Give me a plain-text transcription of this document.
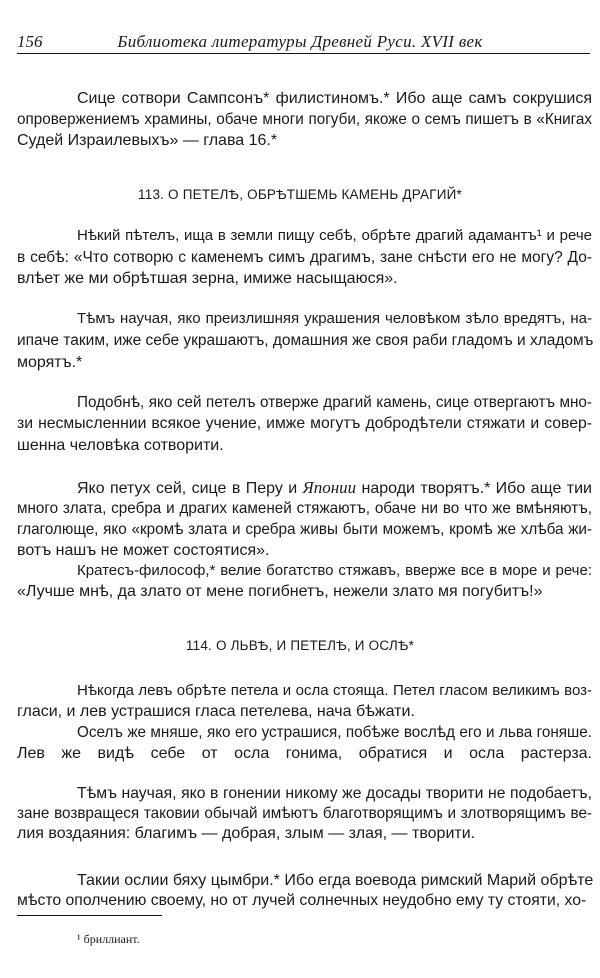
156	Библиотека литературы Древней Руси. XVII век
Сице сотвори Сампсонъ* филистиномъ.* Ибо аще самъ сокрушися
опровержениемъ храмины, обаче многи погуби, якоже о семъ пишетъ в «Книгах
Судей Израилевыхъ» — глава 16.*
113. О ПЕТЕЛѢ, ОБРѢТШЕМЬ КАМЕНЬ ДРАГИЙ*
Нѣкий пѣтелъ, ища в земли пищу себѣ, обрѣте драгий адамантъ¹ и рече
в себѣ: «Что сотворю с каменемъ симъ драгимъ, зане снѣсти его не могу? До-
влѣет же ми обрѣтшая зерна, имиже насыщаюся».
Тѣмъ научая, яко преизлишняя украшения человѣком зѣло вредятъ, на-
ипаче таким, иже себе украшаютъ, домашния же своя раби гладомъ и хладомъ
морятъ.*
Подобнѣ, яко сей петелъ отверже драгий камень, сице отвергаютъ мно-
зи несмысленнии всякое учение, имже могутъ добродѣтели стяжати и совер-
шенна человѣка сотворити.
Яко петух сей, сице в Перу и Японии народи творятъ.* Ибо аще тии
много злата, сребра и драгих каменей стяжаютъ, обаче ни во что же вмѣняютъ,
глаголюще, яко «кромѣ злата и сребра живы быти можемъ, кромѣ же хлѣба жи-
вотъ нашъ не может состоятися».
Кратесъ-философ,* велие богатство стяжавъ, вверже все в море и рече:
«Лучше мнѣ, да злато от мене погибнетъ, нежели злато мя погубитъ!»
114. О ЛЬВѢ, И ПЕТЕЛѢ, И ОСЛѢ*
Нѣкогда левъ обрѣте петела и осла стояща. Петел гласом великимъ воз-
гласи, и лев устрашися гласа петелева, нача бѣжати.
Оселъ же мняше, яко его устрашися, побѣже вослѣд его и льва гоняше.
Лев же видѣ себе от осла гонима, обратися и осла растерза.
Тѣмъ научая, яко в гонении никому же досады творити не подобаетъ,
зане возвращеся таковии обычай имѣютъ благотворящимъ и злотворящимъ ве-
лия воздаяния: благимъ — добрая, злым — злая, — творити.
Такии ослии бяху цымбри.* Ибо егда воевода римский Марий обрѣте
мѣсто ополчению своему, но от лучей солнечных неудобно ему ту стояти, хо-
¹ бриллиант.
